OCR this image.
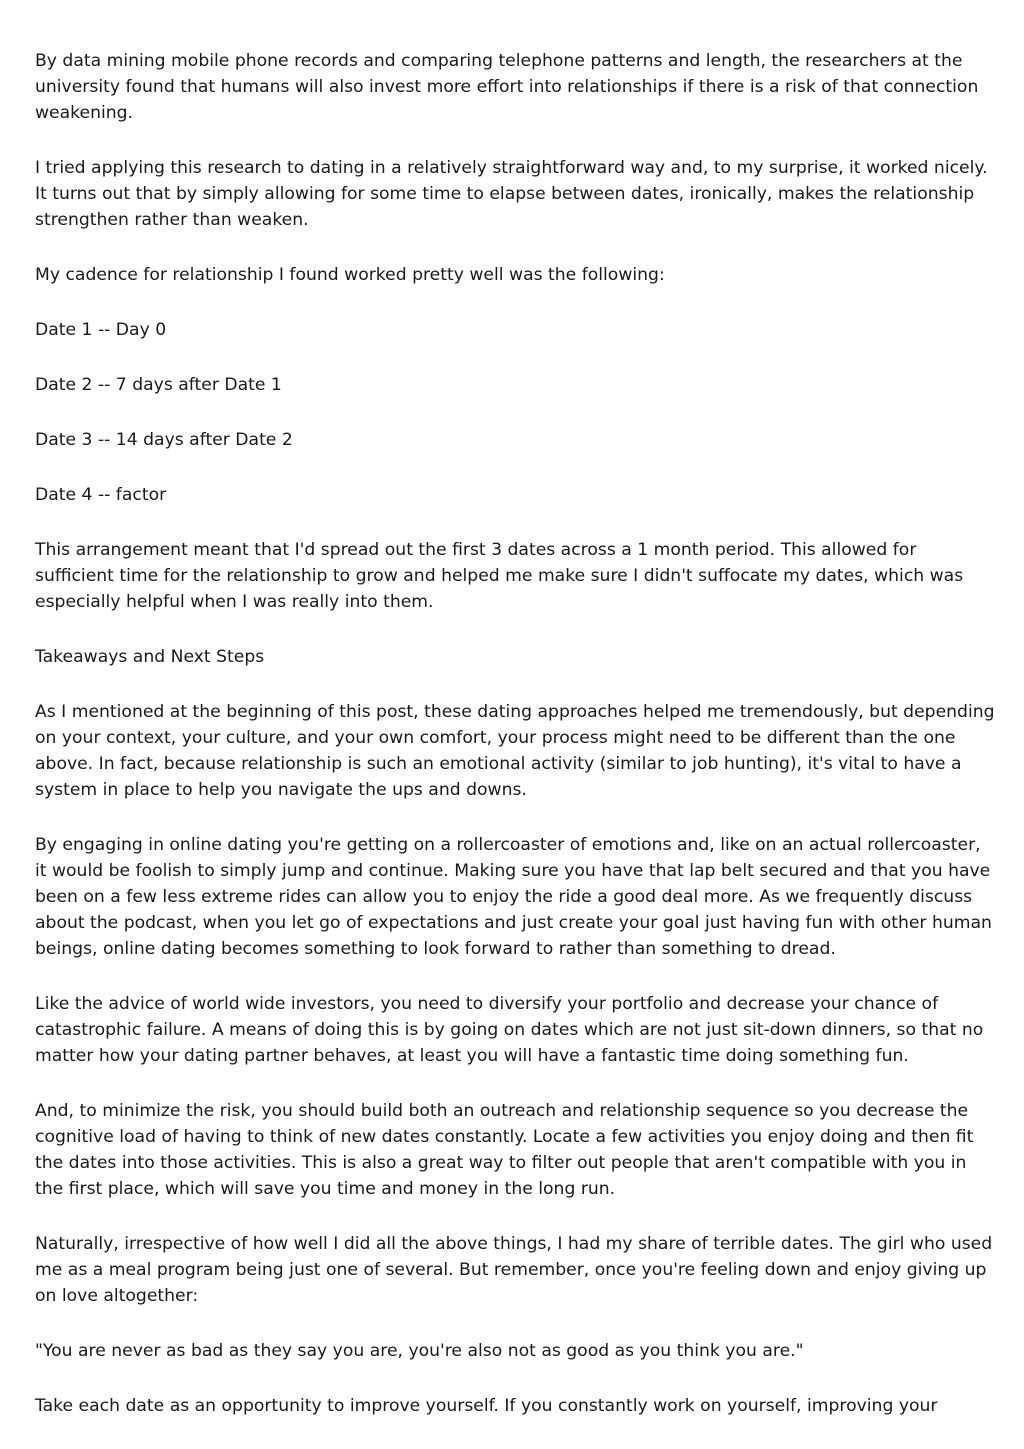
By data mining mobile phone records and comparing telephone patterns and length, the researchers at the university found that humans will also invest more effort into relationships if there is a risk of that connection weakening.

I tried applying this research to dating in a relatively straightforward way and, to my surprise, it worked nicely. It turns out that by simply allowing for some time to elapse between dates, ironically, makes the relationship strengthen rather than weaken.

My cadence for relationship I found worked pretty well was the following:

Date 1 -- Day 0

Date 2 -- 7 days after Date 1

Date 3 -- 14 days after Date 2

Date 4 -- factor

This arrangement meant that I'd spread out the first 3 dates across a 1 month period. This allowed for sufficient time for the relationship to grow and helped me make sure I didn't suffocate my dates, which was especially helpful when I was really into them.

Takeaways and Next Steps

As I mentioned at the beginning of this post, these dating approaches helped me tremendously, but depending on your context, your culture, and your own comfort, your process might need to be different than the one above. In fact, because relationship is such an emotional activity (similar to job hunting), it's vital to have a system in place to help you navigate the ups and downs.

By engaging in online dating you're getting on a rollercoaster of emotions and, like on an actual rollercoaster, it would be foolish to simply jump and continue. Making sure you have that lap belt secured and that you have been on a few less extreme rides can allow you to enjoy the ride a good deal more. As we frequently discuss about the podcast, when you let go of expectations and just create your goal just having fun with other human beings, online dating becomes something to look forward to rather than something to dread.

Like the advice of world wide investors, you need to diversify your portfolio and decrease your chance of catastrophic failure. A means of doing this is by going on dates which are not just sit-down dinners, so that no matter how your dating partner behaves, at least you will have a fantastic time doing something fun.

And, to minimize the risk, you should build both an outreach and relationship sequence so you decrease the cognitive load of having to think of new dates constantly. Locate a few activities you enjoy doing and then fit the dates into those activities. This is also a great way to filter out people that aren't compatible with you in the first place, which will save you time and money in the long run.

Naturally, irrespective of how well I did all the above things, I had my share of terrible dates. The girl who used me as a meal program being just one of several. But remember, once you're feeling down and enjoy giving up on love altogether:

"You are never as bad as they say you are, you're also not as good as you think you are."

Take each date as an opportunity to improve yourself. If you constantly work on yourself, improving your
